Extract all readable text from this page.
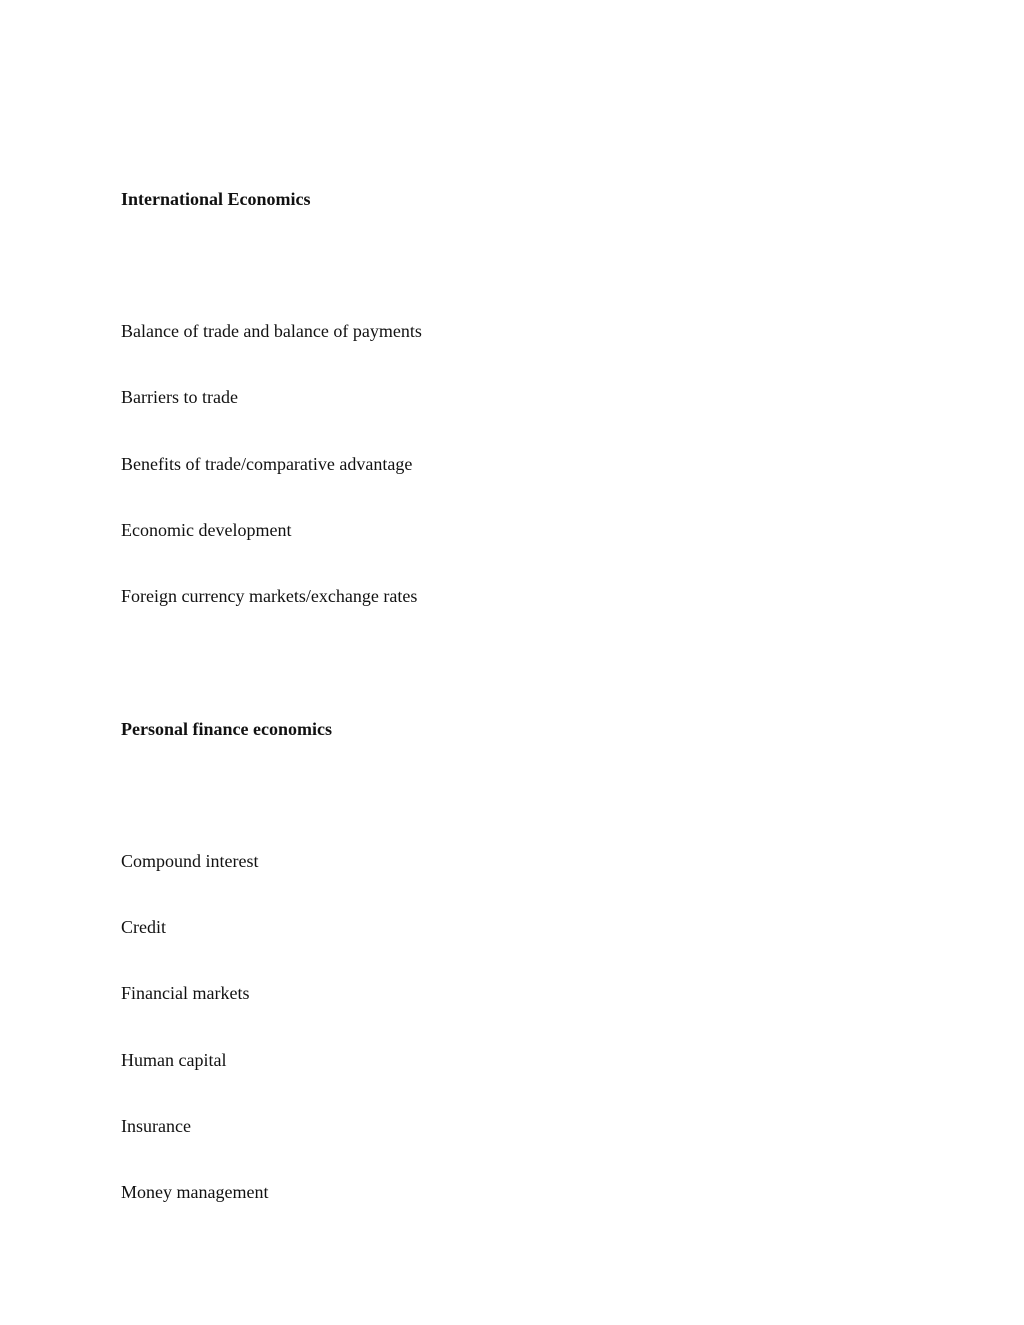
International Economics
Balance of trade and balance of payments
Barriers to trade
Benefits of trade/comparative advantage
Economic development
Foreign currency markets/exchange rates
Personal finance economics
Compound interest
Credit
Financial markets
Human capital
Insurance
Money management
